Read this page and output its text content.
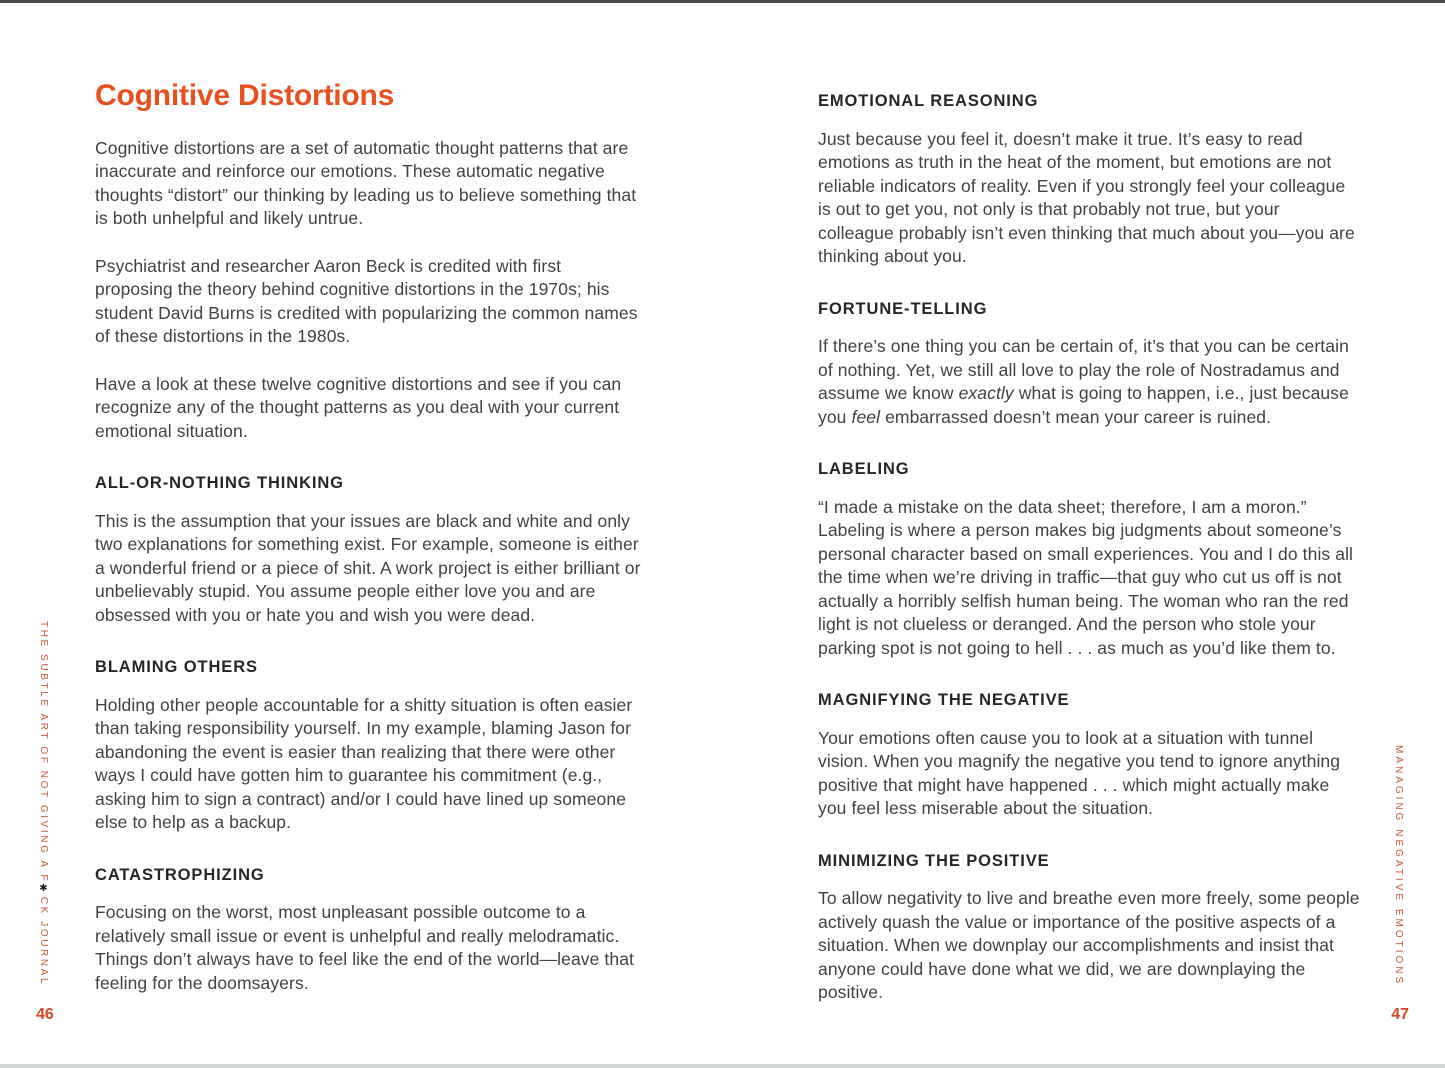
THE SUBTLE ART OF NOT GIVING A F✱CK JOURNAL
Cognitive Distortions

Cognitive distortions are a set of automatic thought patterns that are inaccurate and reinforce our emotions. These automatic negative thoughts “distort” our thinking by leading us to believe something that is both unhelpful and likely untrue.

Psychiatrist and researcher Aaron Beck is credited with first proposing the theory behind cognitive distortions in the 1970s; his student David Burns is credited with popularizing the common names of these distortions in the 1980s.

Have a look at these twelve cognitive distortions and see if you can recognize any of the thought patterns as you deal with your current emotional situation.

ALL-OR-NOTHING THINKING

This is the assumption that your issues are black and white and only two explanations for something exist. For example, someone is either a wonderful friend or a piece of shit. A work project is either brilliant or unbelievably stupid. You assume people either love you and are obsessed with you or hate you and wish you were dead.

BLAMING OTHERS

Holding other people accountable for a shitty situation is often easier than taking responsibility yourself. In my example, blaming Jason for abandoning the event is easier than realizing that there were other ways I could have gotten him to guarantee his commitment (e.g., asking him to sign a contract) and/or I could have lined up someone else to help as a backup.

CATASTROPHIZING

Focusing on the worst, most unpleasant possible outcome to a relatively small issue or event is unhelpful and really melodramatic. Things don’t always have to feel like the end of the world—leave that feeling for the doomsayers.

46
EMOTIONAL REASONING

Just because you feel it, doesn’t make it true. It’s easy to read emotions as truth in the heat of the moment, but emotions are not reliable indicators of reality. Even if you strongly feel your colleague is out to get you, not only is that probably not true, but your colleague probably isn’t even thinking that much about you—you are thinking about you.

FORTUNE-TELLING

If there’s one thing you can be certain of, it’s that you can be certain of nothing. Yet, we still all love to play the role of Nostradamus and assume we know exactly what is going to happen, i.e., just because you feel embarrassed doesn’t mean your career is ruined.

LABELING

“I made a mistake on the data sheet; therefore, I am a moron.” Labeling is where a person makes big judgments about someone’s personal character based on small experiences. You and I do this all the time when we’re driving in traffic—that guy who cut us off is not actually a horribly selfish human being. The woman who ran the red light is not clueless or deranged. And the person who stole your parking spot is not going to hell . . . as much as you’d like them to.

MAGNIFYING THE NEGATIVE

Your emotions often cause you to look at a situation with tunnel vision. When you magnify the negative you tend to ignore anything positive that might have happened . . . which might actually make you feel less miserable about the situation.

MINIMIZING THE POSITIVE

To allow negativity to live and breathe even more freely, some people actively quash the value or importance of the positive aspects of a situation. When we downplay our accomplishments and insist that anyone could have done what we did, we are downplaying the positive.

MANAGING NEGATIVE EMOTIONS
47
